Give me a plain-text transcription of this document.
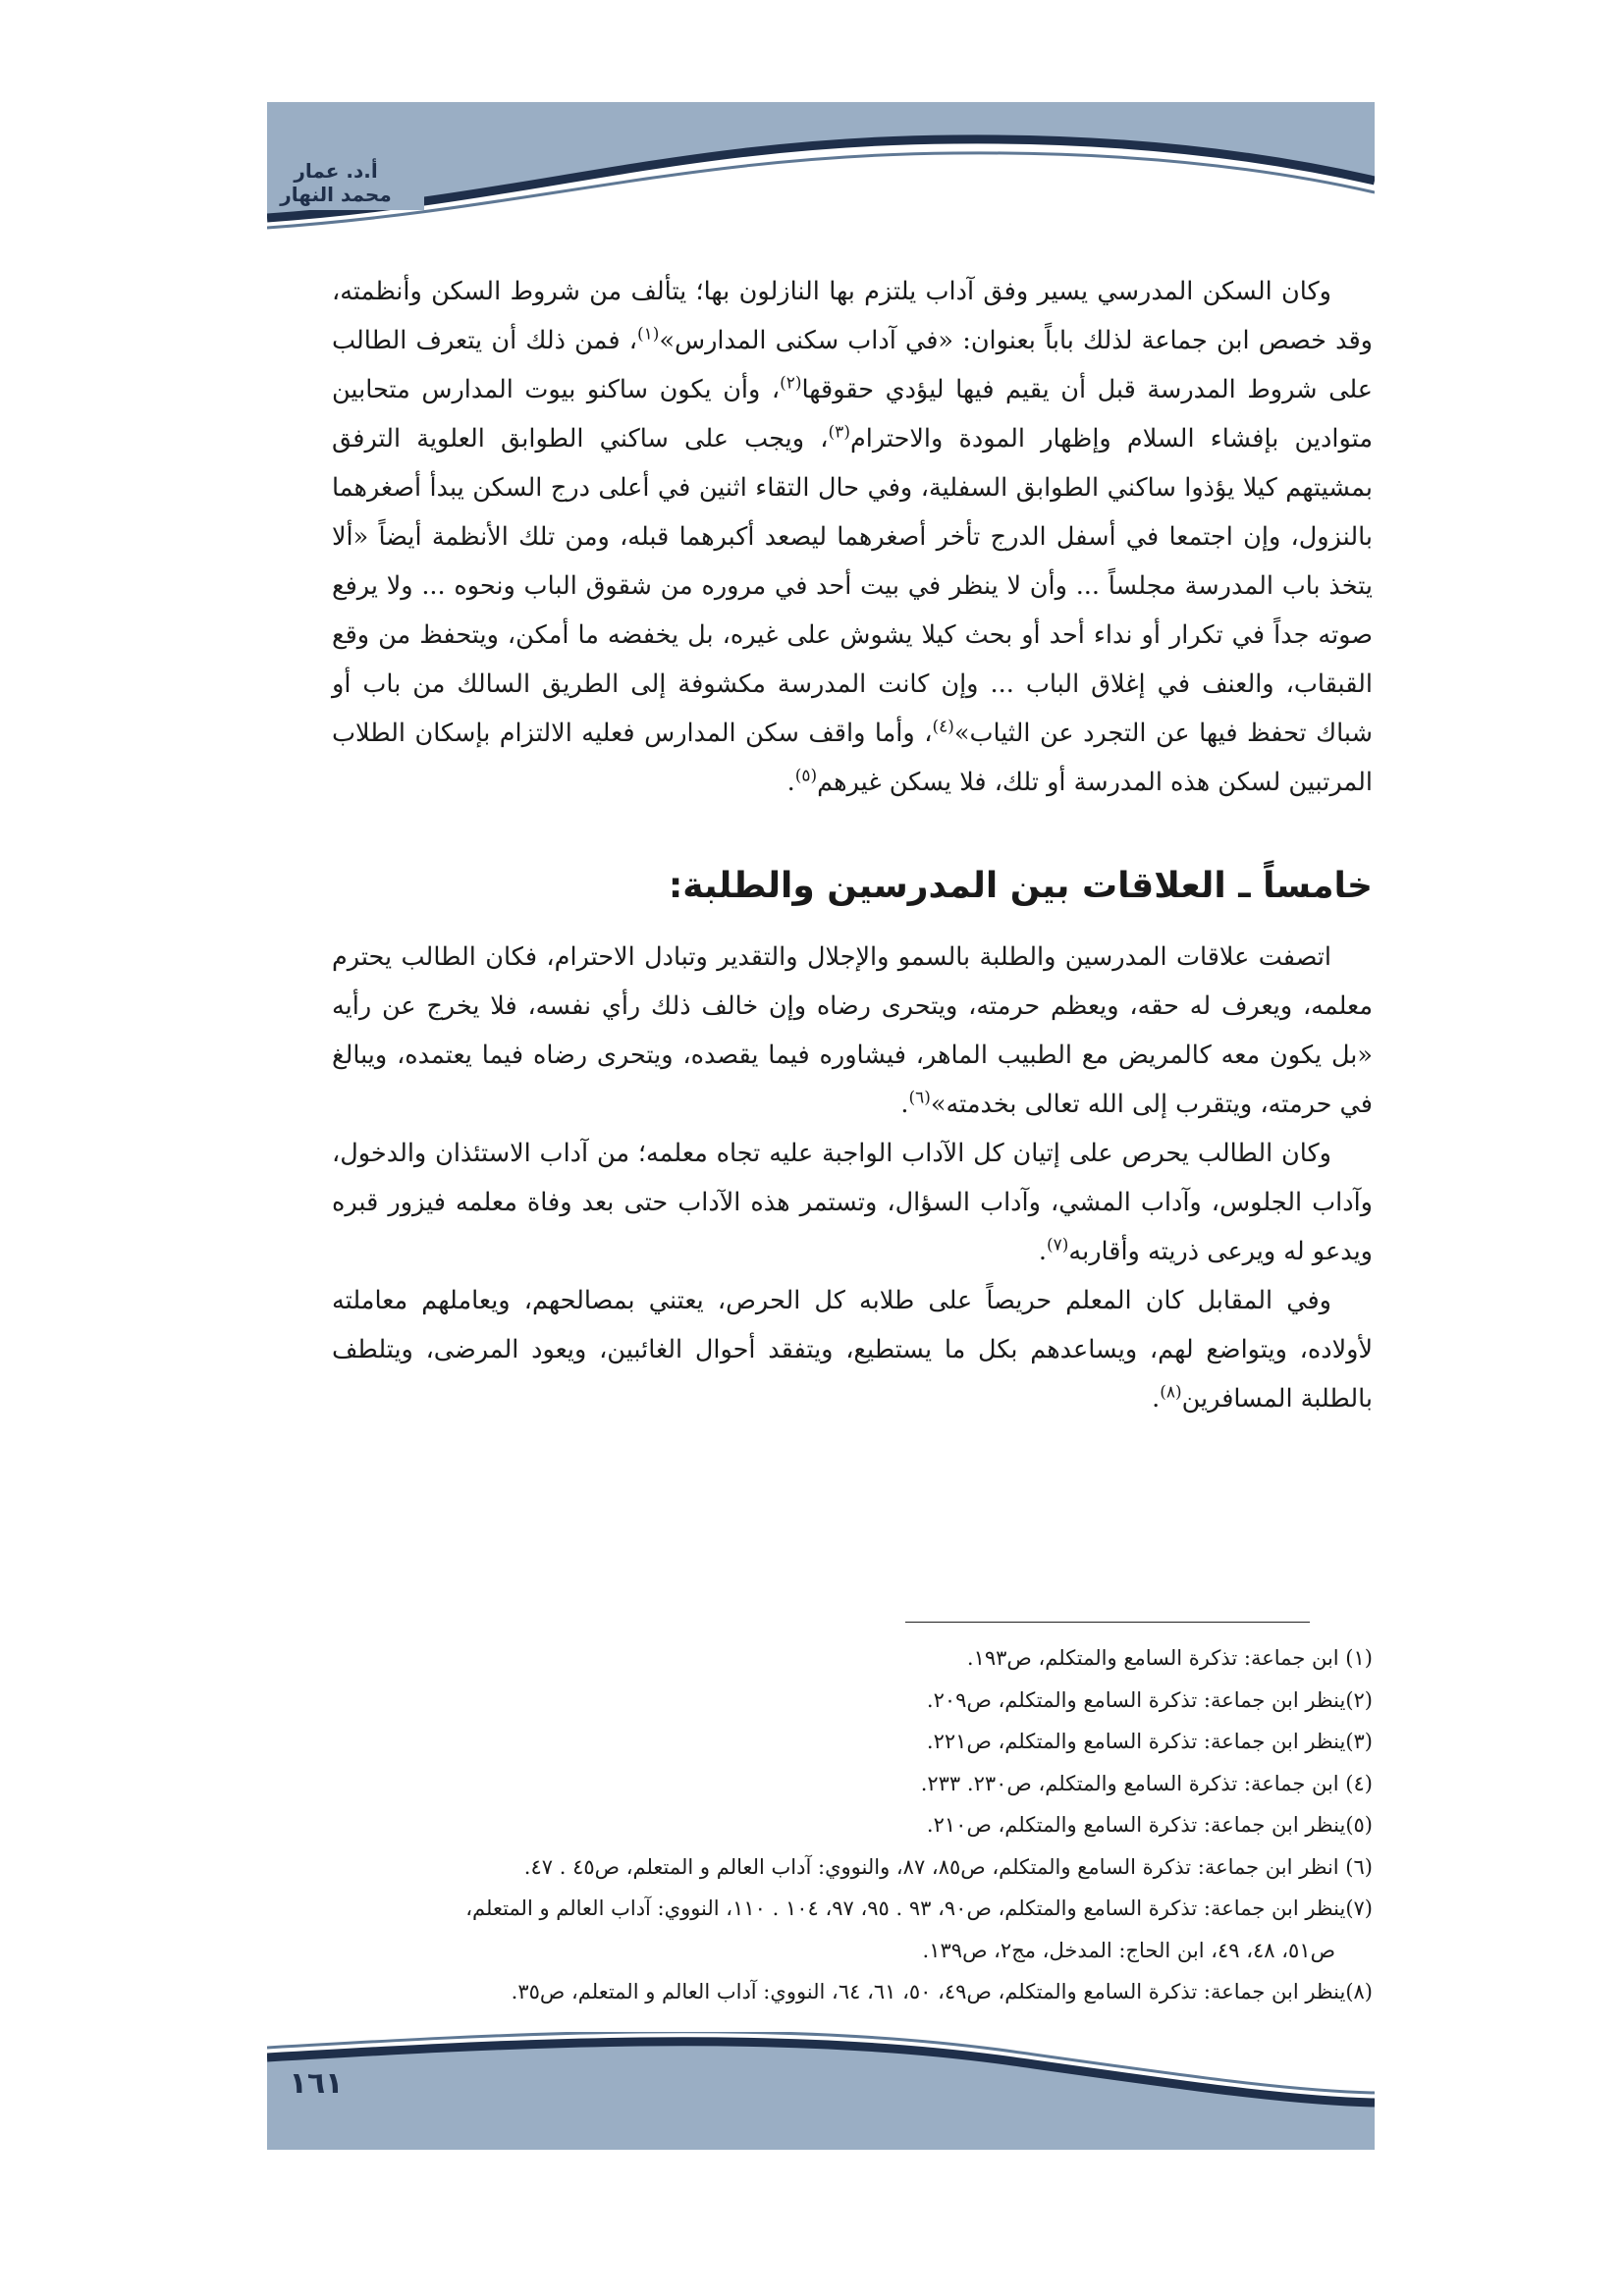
أ.د. عمار محمد النهار

وكان السكن المدرسي يسير وفق آداب يلتزم بها النازلون بها؛ يتألف من شروط السكن وأنظمته، وقد خصص ابن جماعة لذلك باباً بعنوان: «في آداب سكنى المدارس»$^{(١)}$، فمن ذلك أن يتعرف الطالب على شروط المدرسة قبل أن يقيم فيها ليؤدي حقوقها$^{(٢)}$، وأن يكون ساكنو بيوت المدارس متحابين متوادين بإفشاء السلام وإظهار المودة والاحترام$^{(٣)}$، ويجب على ساكني الطوابق العلوية الترفق بمشيتهم كيلا يؤذوا ساكني الطوابق السفلية، وفي حال التقاء اثنين في أعلى درج السكن يبدأ أصغرهما بالنزول، وإن اجتمعا في أسفل الدرج تأخر أصغرهما ليصعد أكبرهما قبله، ومن تلك الأنظمة أيضاً «ألا يتخذ باب المدرسة مجلساً ... وأن لا ينظر في بيت أحد في مروره من شقوق الباب ونحوه ... ولا يرفع صوته جداً في تكرار أو نداء أحد أو بحث كيلا يشوش على غيره، بل يخفضه ما أمكن، ويتحفظ من وقع القبقاب، والعنف في إغلاق الباب ... وإن كانت المدرسة مكشوفة إلى الطريق السالك من باب أو شباك تحفظ فيها عن التجرد عن الثياب»$^{(٤)}$، وأما واقف سكن المدارس فعليه الالتزام بإسكان الطلاب المرتبين لسكن هذه المدرسة أو تلك، فلا يسكن غيرهم$^{(٥)}$.

خامساً ـ العلاقات بين المدرسين والطلبة:

اتصفت علاقات المدرسين والطلبة بالسمو والإجلال والتقدير وتبادل الاحترام، فكان الطالب يحترم معلمه، ويعرف له حقه، ويعظم حرمته، ويتحرى رضاه وإن خالف ذلك رأي نفسه، فلا يخرج عن رأيه «بل يكون معه كالمريض مع الطبيب الماهر، فيشاوره فيما يقصده، ويتحرى رضاه فيما يعتمده، ويبالغ في حرمته، ويتقرب إلى الله تعالى بخدمته»$^{(٦)}$.

وكان الطالب يحرص على إتيان كل الآداب الواجبة عليه تجاه معلمه؛ من آداب الاستئذان والدخول، وآداب الجلوس، وآداب المشي، وآداب السؤال، وتستمر هذه الآداب حتى بعد وفاة معلمه فيزور قبره ويدعو له ويرعى ذريته وأقاربه$^{(٧)}$.

وفي المقابل كان المعلم حريصاً على طلابه كل الحرص، يعتني بمصالحهم، ويعاملهم معاملته لأولاده، ويتواضع لهم، ويساعدهم بكل ما يستطيع، ويتفقد أحوال الغائبين، ويعود المرضى، ويتلطف بالطلبة المسافرين$^{(٨)}$.

(١) ابن جماعة: تذكرة السامع والمتكلم، ص١٩٣.

(٢)ينظر ابن جماعة: تذكرة السامع والمتكلم، ص٢٠٩.

(٣)ينظر ابن جماعة: تذكرة السامع والمتكلم، ص٢٢١.

(٤) ابن جماعة: تذكرة السامع والمتكلم، ص٢٣٠. ٢٣٣.

(٥)ينظر ابن جماعة: تذكرة السامع والمتكلم، ص٢١٠.

(٦) انظر ابن جماعة: تذكرة السامع والمتكلم، ص٨٥، ٨٧، والنووي: آداب العالم و المتعلم، ص٤٥ . ٤٧.

(٧)ينظر ابن جماعة: تذكرة السامع والمتكلم، ص٩٠، ٩٣ . ٩٥، ٩٧، ١٠٤ . ١١٠، النووي: آداب العالم و المتعلم،
ص٥١، ٤٨، ٤٩، ابن الحاج: المدخل، مج٢، ص١٣٩.

(٨)ينظر ابن جماعة: تذكرة السامع والمتكلم، ص٤٩، ٥٠، ٦١، ٦٤، النووي: آداب العالم و المتعلم، ص٣٥.

١٦١
